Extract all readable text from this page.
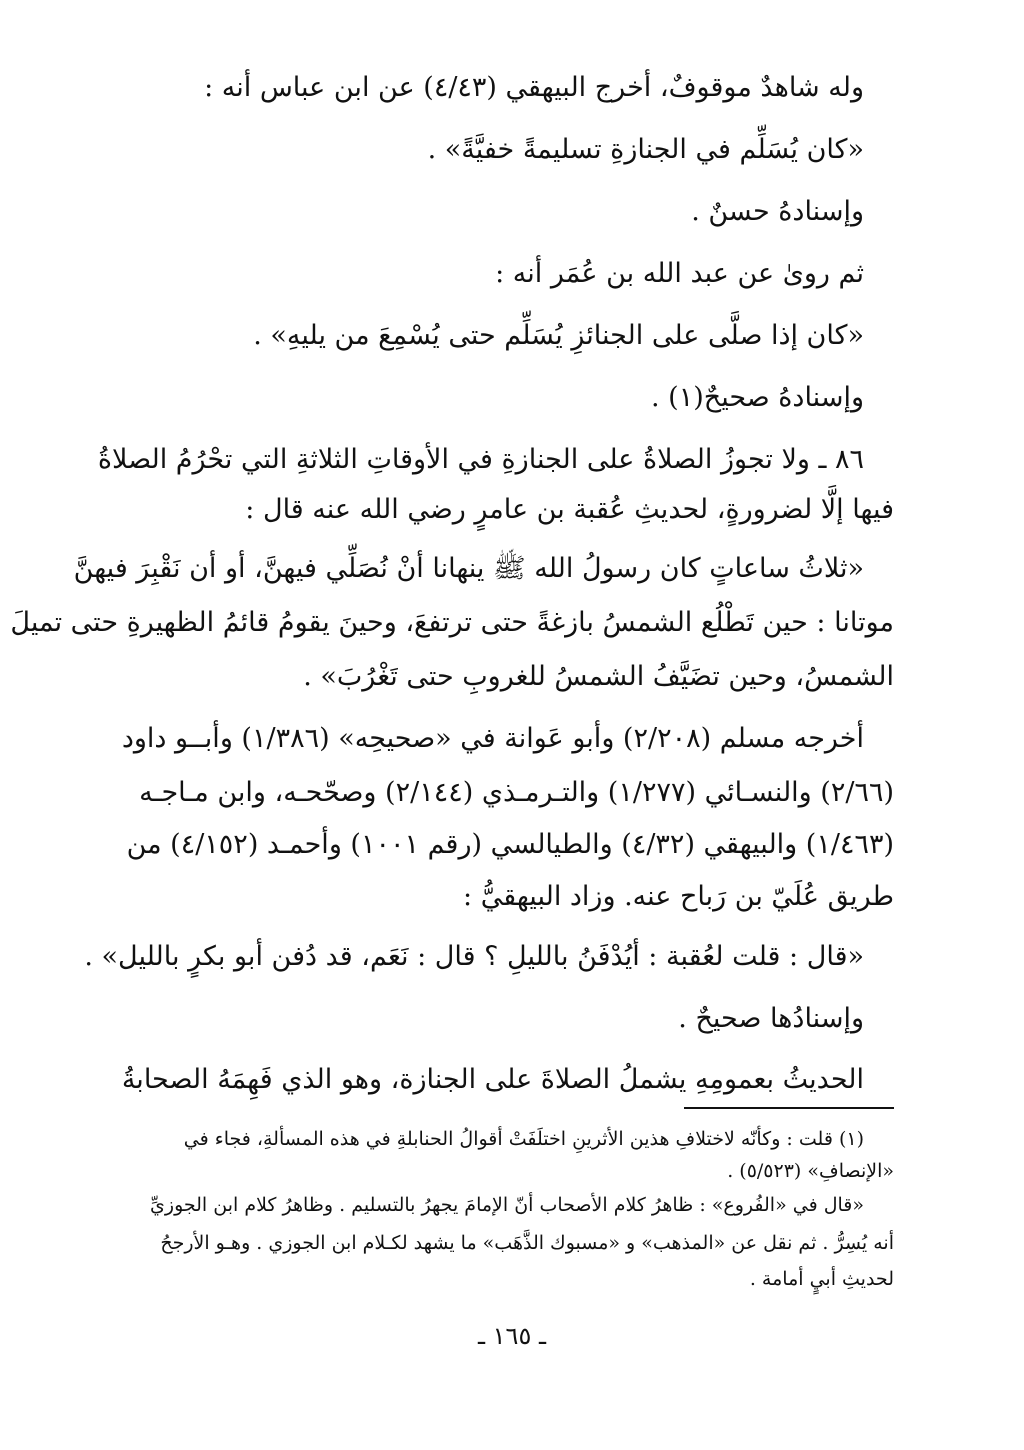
وله شاهدٌ موقوفٌ، أخرج البيهقي (٤/٤٣) عن ابن عباس أنه :
«كان يُسَلِّم في الجنازةِ تسليمةً خفيَّةً» .
وإسنادهُ حسنٌ .
ثم روىٰ عن عبد الله بن عُمَر أنه :
«كان إذا صلَّى على الجنائزِ يُسَلِّم حتى يُسْمِعَ من يليهِ» .
وإسنادهُ صحيحٌ(١) .
٨٦ ـ ولا تجوزُ الصلاةُ على الجنازةِ في الأوقاتِ الثلاثةِ التي تحْرُمُ الصلاةُ
فيها إلَّا لضرورةٍ، لحديثِ عُقبة بن عامرٍ رضي الله عنه قال :
«ثلاثُ ساعاتٍ كان رسولُ الله ﷺ ينهانا أنْ نُصَلِّي فيهنَّ، أو أن نَقْبِرَ فيهنَّ
موتانا : حين تَطْلُع الشمسُ بازغةً حتى ترتفعَ، وحينَ يقومُ قائمُ الظهيرةِ حتى تميلَ
الشمسُ، وحين تضَيَّفُ الشمسُ للغروبِ حتى تَغْرُبَ» .
أخرجه مسلم (٢/٢٠٨) وأبو عَوانة في «صحيحِه» (١/٣٨٦) وأبــو داود
(٢/٦٦) والنسـائي (١/٢٧٧) والتـرمـذي (٢/١٤٤) وصحّحـه، وابن مـاجـه
(١/٤٦٣) والبيهقي (٤/٣٢) والطيالسي (رقم ١٠٠١) وأحمـد (٤/١٥٢) من
طريق عُلَيّ بن رَباح عنه. وزاد البيهقيُّ :
«قال : قلت لعُقبة : أيُدْفَنُ بالليلِ ؟ قال : نَعَم، قد دُفن أبو بكرٍ بالليل» .
وإسنادُها صحيحٌ .
الحديثُ بعمومِهِ يشملُ الصلاةَ على الجنازة، وهو الذي فَهِمَهُ الصحابةُ
(١) قلت : وكأنّه لاختلافِ هذين الأثرينِ اختلَفَتْ أقوالُ الحنابلةِ في هذه المسألةِ، فجاء في
«الإنصافِ» (٥/٥٢٣) .
«قال في «الفُروع» : ظاهرُ كلام الأصحاب أنّ الإمامَ يجهرُ بالتسليم . وظاهرُ كلام ابن الجوزيِّ
أنه يُسِرُّ . ثم نقل عن «المذهب» و «مسبوك الذَّهَب» ما يشهد لكـلام ابن الجوزي . وهـو الأرجحُ
لحديثِ أبيٍ أمامة .
ـ ١٦٥ ـ
